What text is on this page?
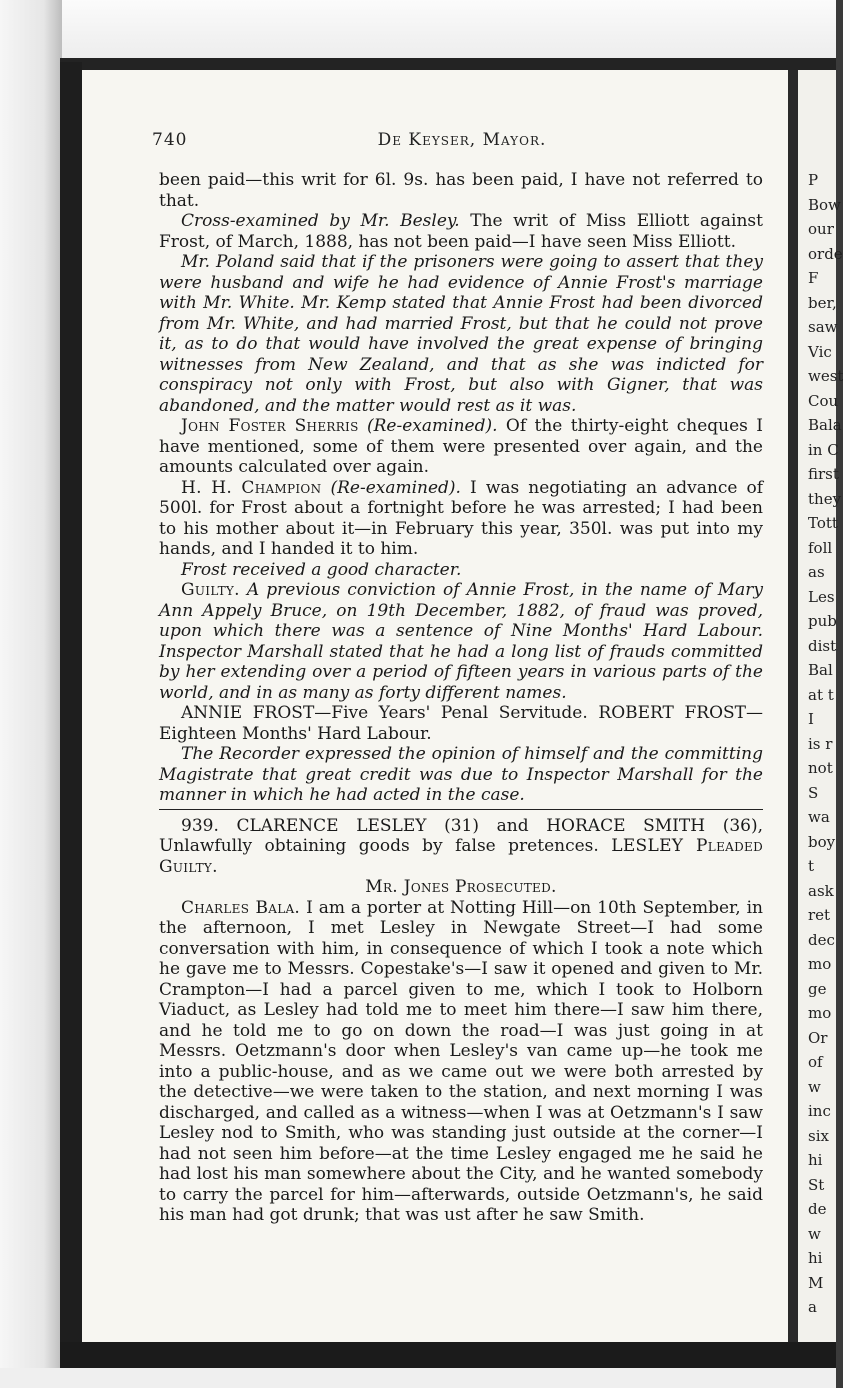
740	De Keyser, Mayor.

been paid—this writ for 6l. 9s. has been paid, I have not referred to that.

Cross-examined by Mr. Besley. The writ of Miss Elliott against Frost, of March, 1888, has not been paid—I have seen Miss Elliott.

Mr. Poland said that if the prisoners were going to assert that they were husband and wife he had evidence of Annie Frost's marriage with Mr. White. Mr. Kemp stated that Annie Frost had been divorced from Mr. White, and had married Frost, but that he could not prove it, as to do that would have involved the great expense of bringing witnesses from New Zealand, and that as she was indicted for conspiracy not only with Frost, but also with Gigner, that was abandoned, and the matter would rest as it was.

John Foster Sherris (Re-examined). Of the thirty-eight cheques I have mentioned, some of them were presented over again, and the amounts calculated over again.

H. H. Champion (Re-examined). I was negotiating an advance of 500l. for Frost about a fortnight before he was arrested; I had been to his mother about it—in February this year, 350l. was put into my hands, and I handed it to him.

Frost received a good character.

Guilty. A previous conviction of Annie Frost, in the name of Mary Ann Appely Bruce, on 19th December, 1882, of fraud was proved, upon which there was a sentence of Nine Months' Hard Labour. Inspector Marshall stated that he had a long list of frauds committed by her extending over a period of fifteen years in various parts of the world, and in as many as forty different names.

ANNIE FROST—Five Years' Penal Servitude. ROBERT FROST—Eighteen Months' Hard Labour.

The Recorder expressed the opinion of himself and the committing Magistrate that great credit was due to Inspector Marshall for the manner in which he had acted in the case.

939. CLARENCE LESLEY (31) and HORACE SMITH (36), Unlawfully obtaining goods by false pretences. LESLEY Pleaded Guilty.

Mr. Jones Prosecuted.

Charles Bala. I am a porter at Notting Hill—on 10th September, in the afternoon, I met Lesley in Newgate Street—I had some conversation with him, in consequence of which I took a note which he gave me to Messrs. Copestake's—I saw it opened and given to Mr. Crampton—I had a parcel given to me, which I took to Holborn Viaduct, as Lesley had told me to meet him there—I saw him there, and he told me to go on down the road—I was just going in at Messrs. Oetzmann's door when Lesley's van came up—he took me into a public-house, and as we came out we were both arrested by the detective—we were taken to the station, and next morning I was discharged, and called as a witness—when I was at Oetzmann's I saw Lesley nod to Smith, who was standing just outside at the corner—I had not seen him before—at the time Lesley engaged me he said he had lost his man somewhere about the City, and he wanted somebody to carry the parcel for him—afterwards, outside Oetzmann's, he said his man had got drunk; that was ust after he saw Smith.

P
Bow
our
orde
F
ber,
saw
Vic
west
Cou
Bala
in C
first
they
Tott
foll
as
Les
pub
dist
Bal
at t
I
is r
not
S
wa
boy
t
ask
ret
dec
mo
ge
mo
Or
of
w
inc
six
hi
St
de
w
hi
M
a
